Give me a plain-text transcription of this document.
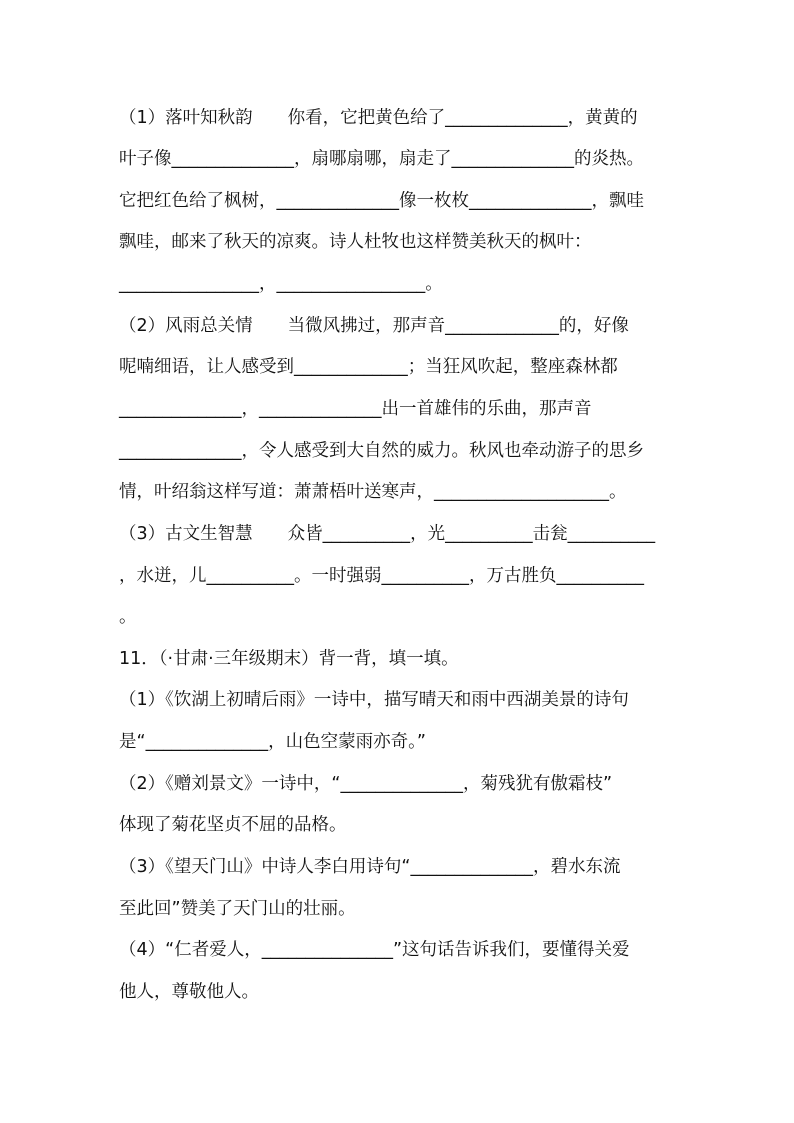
（1）落叶知秋韵　　你看，它把黄色给了______________，黄黄的
叶子像______________，扇哪扇哪，扇走了______________的炎热。
它把红色给了枫树，______________像一枚枚______________，飘哇
飘哇，邮来了秋天的凉爽。诗人杜牧也这样赞美秋天的枫叶：
________________，_________________。
（2）风雨总关情　　当微风拂过，那声音_____________的，好像
呢喃细语，让人感受到_____________；当狂风吹起，整座森林都
______________，______________出一首雄伟的乐曲，那声音
______________，令人感受到大自然的威力。秋风也牵动游子的思乡
情，叶绍翁这样写道：萧萧梧叶送寒声，____________________。
（3）古文生智慧　　众皆__________，光__________击瓮__________
，水迸，儿__________。一时强弱__________，万古胜负__________
。
11．（·甘肃·三年级期末）背一背，填一填。
（1）《饮湖上初晴后雨》一诗中，描写晴天和雨中西湖美景的诗句
是“______________，山色空蒙雨亦奇。”
（2）《赠刘景文》一诗中，“______________，菊残犹有傲霜枝”
体现了菊花坚贞不屈的品格。
（3）《望天门山》中诗人李白用诗句“______________，碧水东流
至此回”赞美了天门山的壮丽。
（4）“仁者爱人，_______________”这句话告诉我们，要懂得关爱
他人，尊敬他人。
